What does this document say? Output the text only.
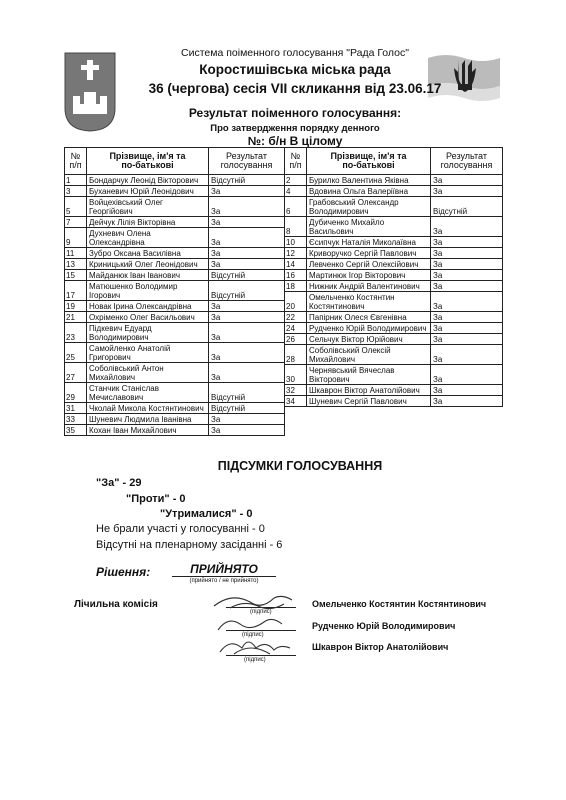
Система поіменного голосування "Рада Голос"
Коростишівська міська рада
36 (чергова) сесія VII скликання від 23.06.17
Результат поіменного голосування:
Про затвердження порядку денного
№: б/н В цілому
№
п/п	Прізвище, ім'я та
по-батькові	Результат
голосування
1	Бондарчук Леонід Вікторович	Відсутній
3	Буханевич Юрій Леонідович	За
5	Войцехівський Олег Георгійович	За
7	Дейчук Лілія Вікторівна	За
9	Духневич Олена Олександрівна	За
11	Зубро Оксана Василівна	За
13	Криницький Олег Леонідович	За
15	Майданюк Іван Іванович	Відсутній
17	Матюшенко Володимир Ігорович	Відсутній
19	Новак Ірина Олександрівна	За
21	Охріменко Олег Васильович	За
23	Підкевич Едуард Володимирович	За
25	Самойленко Анатолій Григорович	За
27	Соболівський Антон Михайлович	За
29	Станчик Станіслав Мечиславович	Відсутній
31	Чколай Микола Костянтинович	Відсутній
33	Шуневич Людмила Іванівна	За
35	Кохан Іван Михайлович	За
№
п/п	Прізвище, ім'я та
по-батькові	Результат
голосування
2	Бурилко Валентина Яківна	За
4	Вдовина Ольга Валеріївна	За
6	Грабовський Олександр Володимирович	Відсутній
8	Дубиченко Михайло Васильович	За
10	Єсипчук Наталія Миколаївна	За
12	Криворучко Сергій Павлович	За
14	Левченко Сергій Олексійович	За
16	Мартинюк Ігор Вікторович	За
18	Нижник Андрій Валентинович	За
20	Омельченко Костянтин Костянтинович	За
22	Папірник Олеся Євгенівна	За
24	Рудченко Юрій Володимирович	За
26	Сельчук Віктор Юрійович	За
28	Соболівський Олексій Михайлович	За
30	Чернявський Вячеслав Вікторович	За
32	Шкаврон Віктор Анатолійович	За
34	Шуневич Сергій Павлович	За
ПІДСУМКИ ГОЛОСУВАННЯ
"За" - 29
"Проти" - 0
"Утрималися" - 0
Не брали участі у голосуванні - 0
Відсутні на пленарному засіданні - 6
Рішення:	ПРИЙНЯТО
(прийнято / не прийнято)
Лічильна комісія
(підпис)
(підпис)
(підпис)
Омельченко Костянтин Костянтинович
Рудченко Юрій Володимирович
Шкаврон Віктор Анатолійович
